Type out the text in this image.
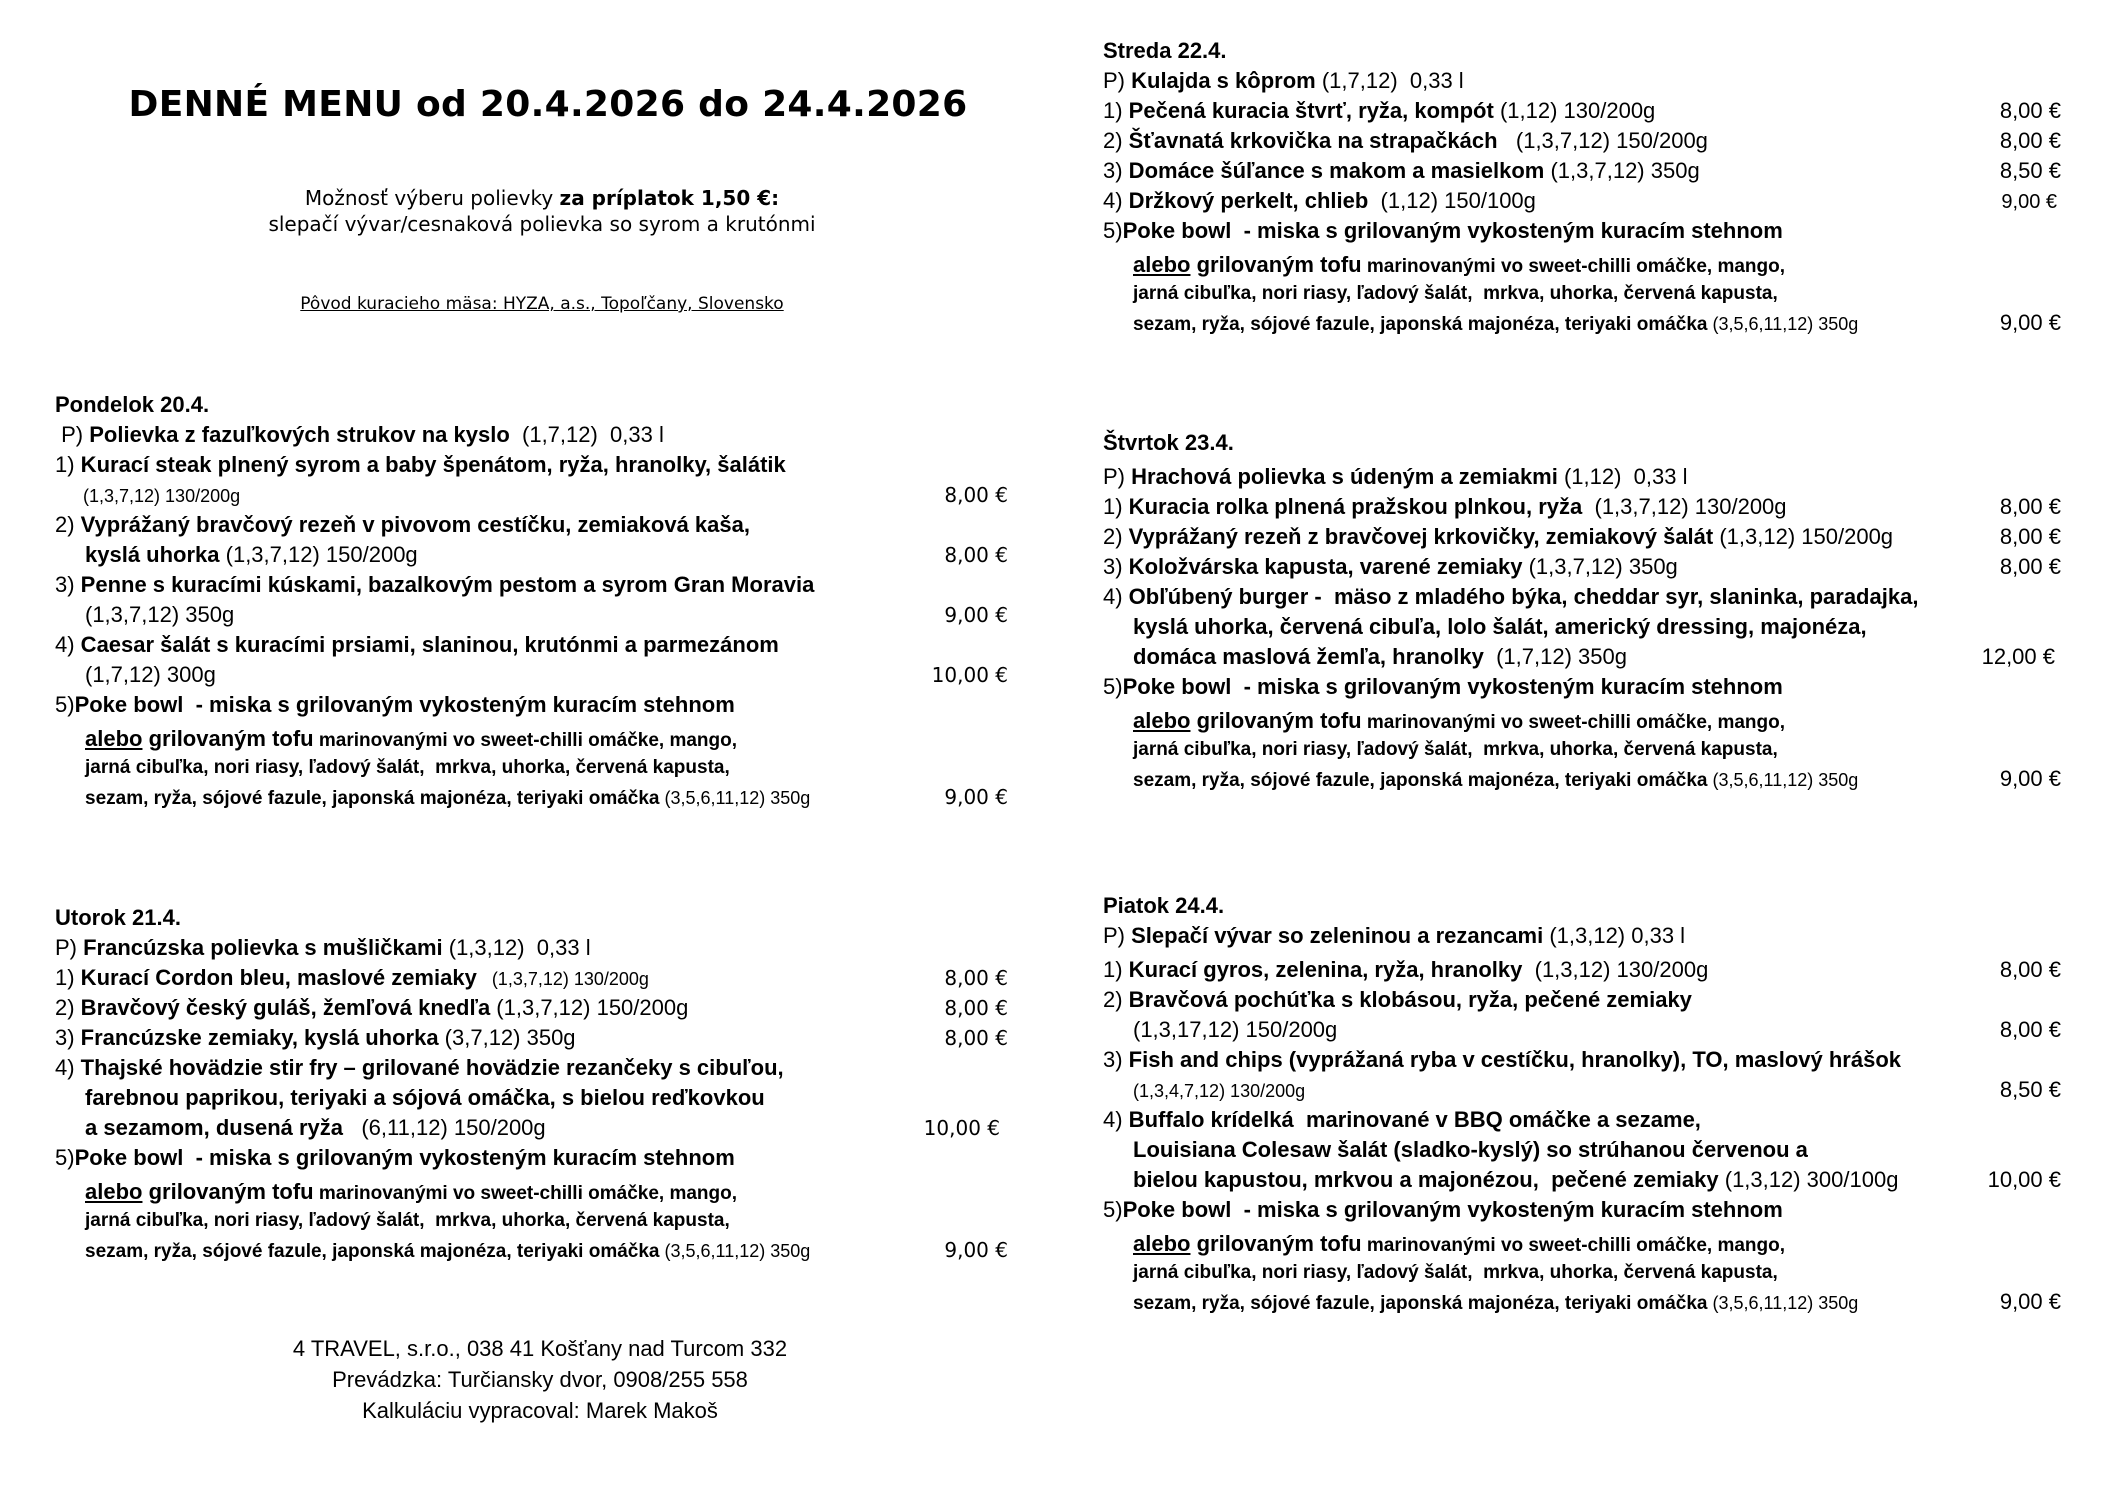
DENNÉ MENU od 20.4.2026 do 24.4.2026
Možnosť výberu polievky za príplatok 1,50 €:
slepačí vývar/cesnaková polievka so syrom a krutónmi
Pôvod kuracieho mäsa: HYZA, a.s., Topoľčany, Slovensko
Pondelok 20.4.
P) Polievka z fazuľkových strukov na kyslo  (1,7,12)  0,33 l
1) Kurací steak plnený syrom a baby špenátom, ryža, hranolky, šalátik
(1,3,7,12) 130/200g	8,00 €
2) Vyprážaný bravčový rezeň v pivovom cestíčku, zemiaková kaša,
kyslá uhorka (1,3,7,12) 150/200g	8,00 €
3) Penne s kuracími kúskami, bazalkovým pestom a syrom Gran Moravia
(1,3,7,12) 350g	9,00 €
4) Caesar šalát s kuracími prsiami, slaninou, krutónmi a parmezánom
(1,7,12) 300g	10,00 €
5)Poke bowl  - miska s grilovaným vykosteným kuracím stehnom
alebo grilovaným tofu marinovanými vo sweet-chilli omáčke, mango,
jarná cibuľka, nori riasy, ľadový šalát,  mrkva, uhorka, červená kapusta,
sezam, ryža, sójové fazule, japonská majonéza, teriyaki omáčka (3,5,6,11,12) 350g	9,00 €
Utorok 21.4.
P) Francúzska polievka s mušličkami (1,3,12)  0,33 l
1) Kurací Cordon bleu, maslové zemiaky   (1,3,7,12) 130/200g	8,00 €
2) Bravčový český guláš, žemľová knedľa (1,3,7,12) 150/200g	8,00 €
3) Francúzske zemiaky, kyslá uhorka (3,7,12) 350g	8,00 €
4) Thajské hovädzie stir fry – grilované hovädzie rezančeky s cibuľou,
farebnou paprikou, teriyaki a sójová omáčka, s bielou reďkovkou
a sezamom, dusená ryža   (6,11,12) 150/200g	10,00 €
5)Poke bowl  - miska s grilovaným vykosteným kuracím stehnom
alebo grilovaným tofu marinovanými vo sweet-chilli omáčke, mango,
jarná cibuľka, nori riasy, ľadový šalát,  mrkva, uhorka, červená kapusta,
sezam, ryža, sójové fazule, japonská majonéza, teriyaki omáčka (3,5,6,11,12) 350g	9,00 €
4 TRAVEL, s.r.o., 038 41 Košťany nad Turcom 332
Prevádzka: Turčiansky dvor, 0908/255 558
Kalkuláciu vypracoval: Marek Makoš
Streda 22.4.
P) Kulajda s kôprom (1,7,12)  0,33 l
1) Pečená kuracia štvrť, ryža, kompót (1,12) 130/200g	8,00 €
2) Šťavnatá krkovička na strapačkách   (1,3,7,12) 150/200g	8,00 €
3) Domáce šúľance s makom a masielkom (1,3,7,12) 350g	8,50 €
4) Držkový perkelt, chlieb  (1,12) 150/100g	9,00 €
5)Poke bowl  - miska s grilovaným vykosteným kuracím stehnom
alebo grilovaným tofu marinovanými vo sweet-chilli omáčke, mango,
jarná cibuľka, nori riasy, ľadový šalát,  mrkva, uhorka, červená kapusta,
sezam, ryža, sójové fazule, japonská majonéza, teriyaki omáčka (3,5,6,11,12) 350g	9,00 €
Štvrtok 23.4.
P) Hrachová polievka s údeným a zemiakmi (1,12)  0,33 l
1) Kuracia rolka plnená pražskou plnkou, ryža  (1,3,7,12) 130/200g	8,00 €
2) Vyprážaný rezeň z bravčovej krkovičky, zemiakový šalát (1,3,12) 150/200g	8,00 €
3) Koložvárska kapusta, varené zemiaky (1,3,7,12) 350g	8,00 €
4) Obľúbený burger -  mäso z mladého býka, cheddar syr, slaninka, paradajka,
kyslá uhorka, červená cibuľa, lolo šalát, americký dressing, majonéza,
domáca maslová žemľa, hranolky  (1,7,12) 350g	12,00 €
5)Poke bowl  - miska s grilovaným vykosteným kuracím stehnom
alebo grilovaným tofu marinovanými vo sweet-chilli omáčke, mango,
jarná cibuľka, nori riasy, ľadový šalát,  mrkva, uhorka, červená kapusta,
sezam, ryža, sójové fazule, japonská majonéza, teriyaki omáčka (3,5,6,11,12) 350g	9,00 €
Piatok 24.4.
P) Slepačí vývar so zeleninou a rezancami (1,3,12) 0,33 l
1) Kurací gyros, zelenina, ryža, hranolky  (1,3,12) 130/200g	8,00 €
2) Bravčová pochúťka s klobásou, ryža, pečené zemiaky
(1,3,17,12) 150/200g	8,00 €
3) Fish and chips (vyprážaná ryba v cestíčku, hranolky), TO, maslový hrášok
(1,3,4,7,12) 130/200g	8,50 €
4) Buffalo krídelká  marinované v BBQ omáčke a sezame,
Louisiana Colesaw šalát (sladko-kyslý) so strúhanou červenou a
bielou kapustou, mrkvou a majonézou,  pečené zemiaky (1,3,12) 300/100g	10,00 €
5)Poke bowl  - miska s grilovaným vykosteným kuracím stehnom
alebo grilovaným tofu marinovanými vo sweet-chilli omáčke, mango,
jarná cibuľka, nori riasy, ľadový šalát,  mrkva, uhorka, červená kapusta,
sezam, ryža, sójové fazule, japonská majonéza, teriyaki omáčka (3,5,6,11,12) 350g	9,00 €
